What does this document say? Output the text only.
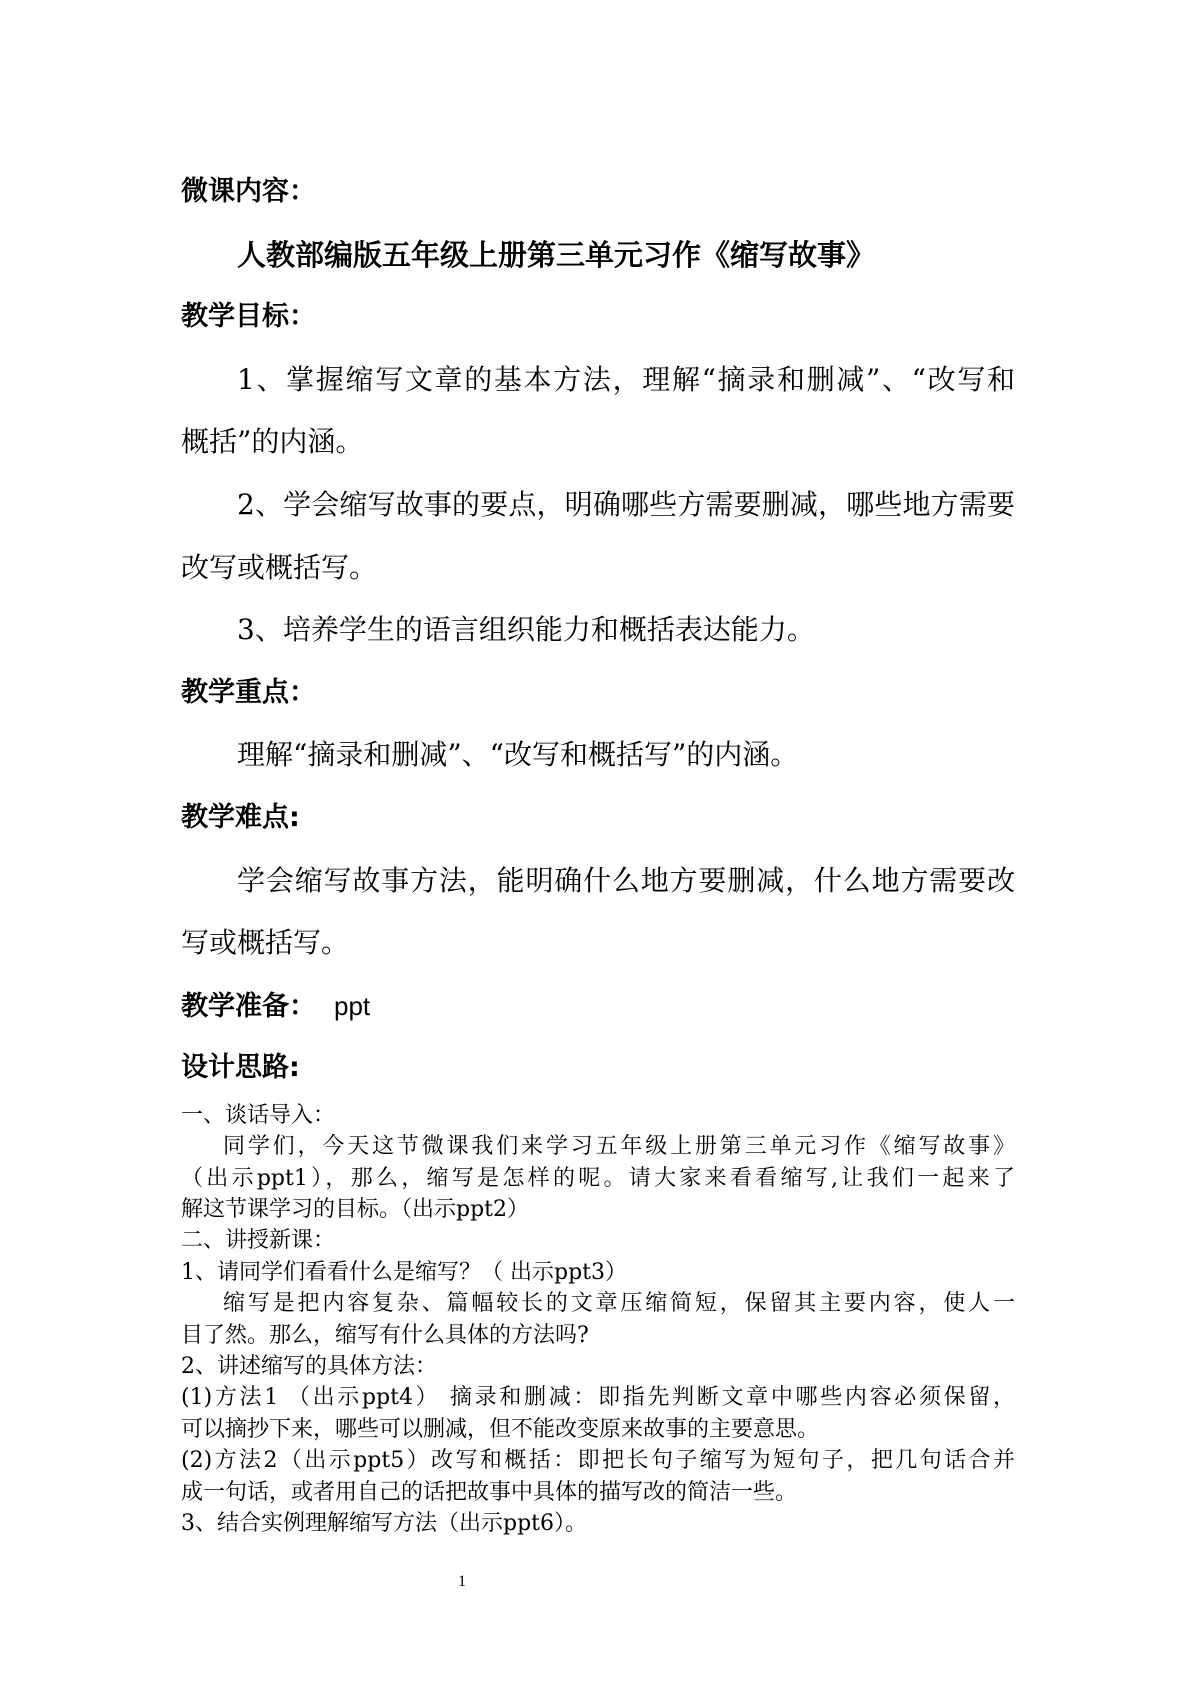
微课内容：
人教部编版五年级上册第三单元习作《缩写故事》
教学目标：
1、掌握缩写文章的基本方法，理解“摘录和删减”、“改写和
概括”的内涵。
2、学会缩写故事的要点，明确哪些方需要删减，哪些地方需要
改写或概括写。
3、培养学生的语言组织能力和概括表达能力。
教学重点：
理解“摘录和删减”、“改写和概括写”的内涵。
教学难点:
学会缩写故事方法，能明确什么地方要删减，什么地方需要改
写或概括写。
教学准备： ppt
设计思路:
一、谈话导入：
同学们，今天这节微课我们来学习五年级上册第三单元习作《缩写故事》
（出示ppt1），那么，缩写是怎样的呢。请大家来看看缩写,让我们一起来了
解这节课学习的目标。（出示ppt2）
二、讲授新课：
1、请同学们看看什么是缩写？（ 出示ppt3）
缩写是把内容复杂、篇幅较长的文章压缩简短，保留其主要内容，使人一
目了然。那么，缩写有什么具体的方法吗?
2、讲述缩写的具体方法：
(1)方法1 （出示ppt4） 摘录和删减：即指先判断文章中哪些内容必须保留，
可以摘抄下来，哪些可以删减，但不能改变原来故事的主要意思。
(2)方法2（出示ppt5）改写和概括：即把长句子缩写为短句子，把几句话合并
成一句话，或者用自己的话把故事中具体的描写改的简洁一些。
3、结合实例理解缩写方法（出示ppt6）。
1
